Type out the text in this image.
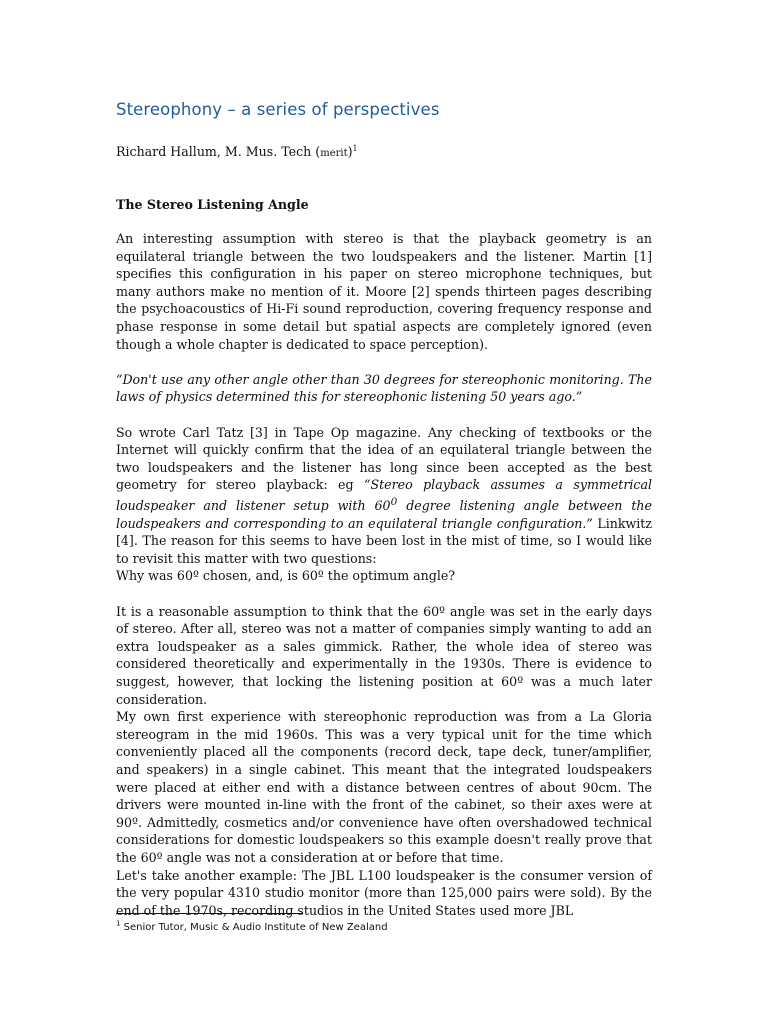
Stereophony – a series of perspectives
Richard Hallum, M. Mus. Tech (merit)$^1$
The Stereo Listening Angle

An interesting assumption with stereo is that the playback geometry is an equilateral triangle between the two loudspeakers and the listener. Martin [1] specifies this configuration in his paper on stereo microphone techniques, but many authors make no mention of it. Moore [2] spends thirteen pages describing the psychoacoustics of Hi-Fi sound reproduction, covering frequency response and phase response in some detail but spatial aspects are completely ignored (even though a whole chapter is dedicated to space perception).

“Don't use any other angle other than 30 degrees for stereophonic monitoring. The laws of physics determined this for stereophonic listening 50 years ago.”

So wrote Carl Tatz [3] in Tape Op magazine. Any checking of textbooks or the Internet will quickly confirm that the idea of an equilateral triangle between the two loudspeakers and the listener has long since been accepted as the best geometry for stereo playback: eg “Stereo playback assumes a symmetrical loudspeaker and listener setup with $60^0$ degree listening angle between the loudspeakers and corresponding to an equilateral triangle configuration.” Linkwitz [4]. The reason for this seems to have been lost in the mist of time, so I would like to revisit this matter with two questions:

Why was 60º chosen, and, is 60º the optimum angle?

It is a reasonable assumption to think that the 60º angle was set in the early days of stereo. After all, stereo was not a matter of companies simply wanting to add an extra loudspeaker as a sales gimmick. Rather, the whole idea of stereo was considered theoretically and experimentally in the 1930s. There is evidence to suggest, however, that locking the listening position at 60º was a much later consideration.

My own first experience with stereophonic reproduction was from a La Gloria stereogram in the mid 1960s. This was a very typical unit for the time which conveniently placed all the components (record deck, tape deck, tuner/amplifier, and speakers) in a single cabinet. This meant that the integrated loudspeakers were placed at either end with a distance between centres of about 90cm. The drivers were mounted in-line with the front of the cabinet, so their axes were at 90º. Admittedly, cosmetics and/or convenience have often overshadowed technical considerations for domestic loudspeakers so this example doesn't really prove that the 60º angle was not a consideration at or before that time.

Let's take another example: The JBL L100 loudspeaker is the consumer version of the very popular 4310 studio monitor (more than 125,000 pairs were sold). By the end of the 1970s, recording studios in the United States used more JBL

$^1$ Senior Tutor, Music & Audio Institute of New Zealand
